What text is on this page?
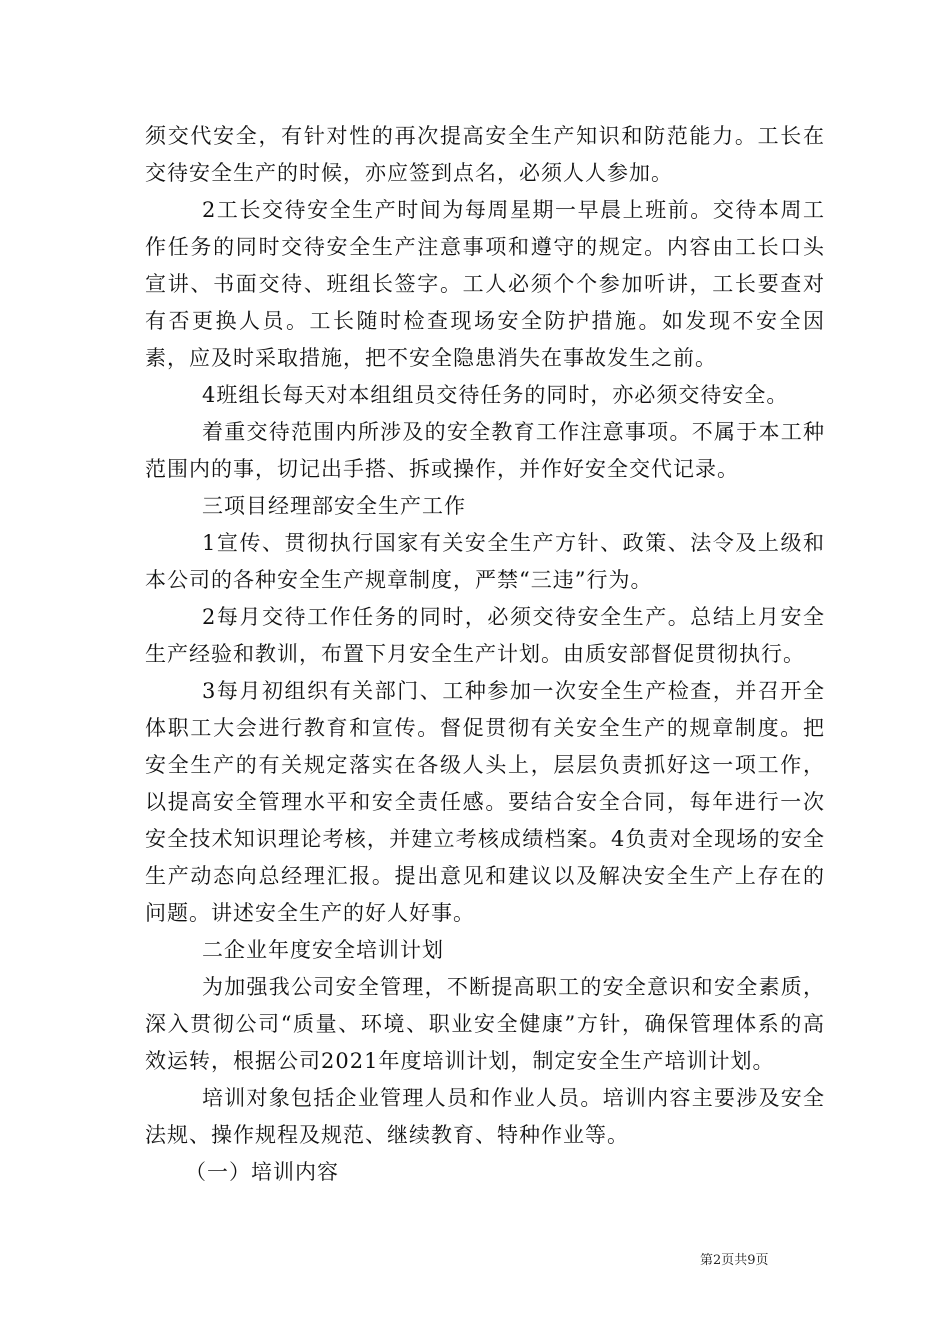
须交代安全，有针对性的再次提高安全生产知识和防范能力。工长在交待安全生产的时候，亦应签到点名，必须人人参加。

2工长交待安全生产时间为每周星期一早晨上班前。交待本周工作任务的同时交待安全生产注意事项和遵守的规定。内容由工长口头宣讲、书面交待、班组长签字。工人必须个个参加听讲，工长要查对有否更换人员。工长随时检查现场安全防护措施。如发现不安全因素，应及时采取措施，把不安全隐患消失在事故发生之前。

4班组长每天对本组组员交待任务的同时，亦必须交待安全。

着重交待范围内所涉及的安全教育工作注意事项。不属于本工种范围内的事，切记出手搭、拆或操作，并作好安全交代记录。

三项目经理部安全生产工作

1宣传、贯彻执行国家有关安全生产方针、政策、法令及上级和本公司的各种安全生产规章制度，严禁“三违”行为。

2每月交待工作任务的同时，必须交待安全生产。总结上月安全生产经验和教训，布置下月安全生产计划。由质安部督促贯彻执行。

3每月初组织有关部门、工种参加一次安全生产检查，并召开全体职工大会进行教育和宣传。督促贯彻有关安全生产的规章制度。把安全生产的有关规定落实在各级人头上，层层负责抓好这一项工作，以提高安全管理水平和安全责任感。要结合安全合同，每年进行一次安全技术知识理论考核，并建立考核成绩档案。4负责对全现场的安全生产动态向总经理汇报。提出意见和建议以及解决安全生产上存在的问题。讲述安全生产的好人好事。

二企业年度安全培训计划

为加强我公司安全管理，不断提高职工的安全意识和安全素质，深入贯彻公司“质量、环境、职业安全健康”方针，确保管理体系的高效运转，根据公司2021年度培训计划，制定安全生产培训计划。

培训对象包括企业管理人员和作业人员。培训内容主要涉及安全法规、操作规程及规范、继续教育、特种作业等。

（一）培训内容

第2页共9页
